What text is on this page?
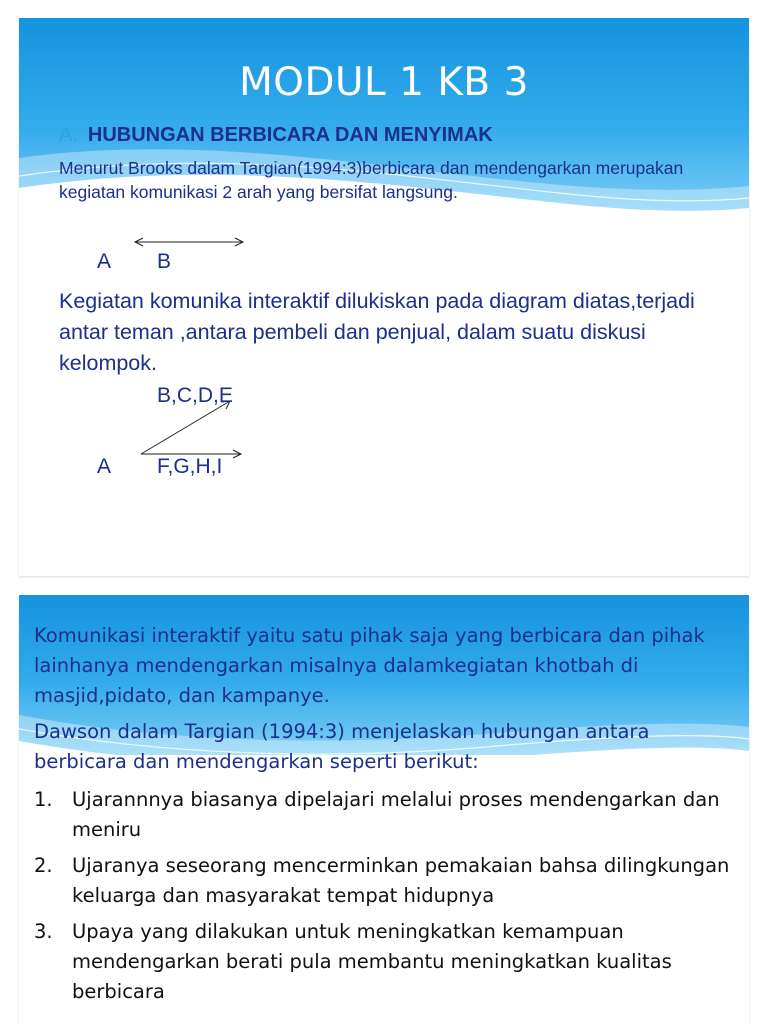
MODUL 1 KB 3
A. HUBUNGAN BERBICARA DAN MENYIMAK
Menurut Brooks dalam Targian(1994:3)berbicara dan mendengarkan merupakan kegiatan komunikasi 2 arah yang bersifat langsung.
A B
Kegiatan komunika interaktif dilukiskan pada diagram diatas,terjadi antar teman ,antara pembeli dan penjual, dalam suatu diskusi kelompok.
B,C,D,E
A F,G,H,I

Komunikasi interaktif yaitu satu pihak saja yang berbicara dan pihak lainhanya mendengarkan misalnya dalamkegiatan khotbah di masjid,pidato, dan kampanye.

Dawson dalam Targian (1994:3) menjelaskan hubungan antara berbicara dan mendengarkan seperti berikut:

1. Ujarannnya biasanya dipelajari melalui proses mendengarkan dan meniru
2. Ujaranya seseorang mencerminkan pemakaian bahsa dilingkungan keluarga dan masyarakat tempat hidupnya
3. Upaya yang dilakukan untuk meningkatkan kemampuan mendengarkan berati pula membantu meningkatkan kualitas berbicara
